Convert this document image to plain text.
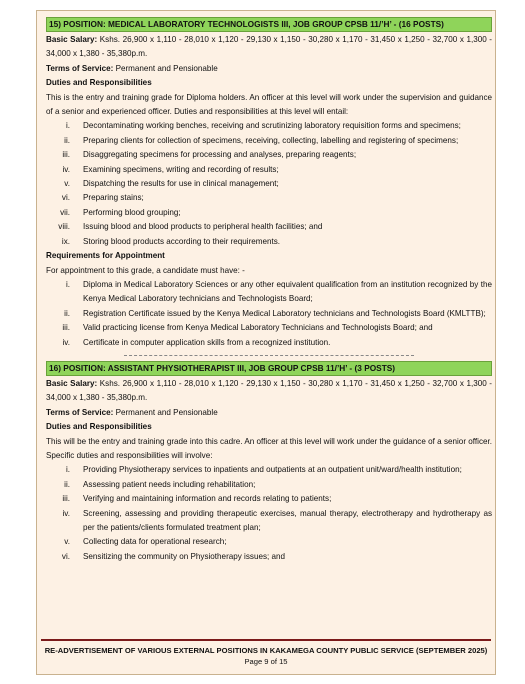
15) POSITION: MEDICAL LABORATORY TECHNOLOGISTS III, JOB GROUP CPSB 11/’H’ - (16 POSTS)

Basic Salary: Kshs. 26,900 x 1,110 - 28,010 x 1,120 - 29,130 x 1,150 - 30,280 x 1,170 - 31,450 x 1,250 - 32,700 x 1,300 - 34,000 x 1,380 - 35,380p.m.

Terms of Service: Permanent and Pensionable

Duties and Responsibilities

This is the entry and training grade for Diploma holders. An officer at this level will work under the supervision and guidance of a senior and experienced officer. Duties and responsibilities at this level will entail:

i. Decontaminating working benches, receiving and scrutinizing laboratory requisition forms and specimens;
ii. Preparing clients for collection of specimens, receiving, collecting, labelling and registering of specimens;
iii. Disaggregating specimens for processing and analyses, preparing reagents;
iv. Examining specimens, writing and recording of results;
v. Dispatching the results for use in clinical management;
vi. Preparing stains;
vii. Performing blood grouping;
viii. Issuing blood and blood products to peripheral health facilities; and
ix. Storing blood products according to their requirements.

Requirements for Appointment

For appointment to this grade, a candidate must have: -

i. Diploma in Medical Laboratory Sciences or any other equivalent qualification from an institution recognized by the Kenya Medical Laboratory technicians and Technologists Board;
ii. Registration Certificate issued by the Kenya Medical Laboratory technicians and Technologists Board (KMLTTB);
iii. Valid practicing license from Kenya Medical Laboratory Technicians and Technologists Board; and
iv. Certificate in computer application skills from a recognized institution.
16) POSITION: ASSISTANT PHYSIOTHERAPIST III, JOB GROUP CPSB 11/’H’ - (3 POSTS)

Basic Salary: Kshs. 26,900 x 1,110 - 28,010 x 1,120 - 29,130 x 1,150 - 30,280 x 1,170 - 31,450 x 1,250 - 32,700 x 1,300 - 34,000 x 1,380 - 35,380p.m.

Terms of Service: Permanent and Pensionable

Duties and Responsibilities

This will be the entry and training grade into this cadre. An officer at this level will work under the guidance of a senior officer. Specific duties and responsibilities will involve:

i. Providing Physiotherapy services to inpatients and outpatients at an outpatient unit/ward/health institution;
ii. Assessing patient needs including rehabilitation;
iii. Verifying and maintaining information and records relating to patients;
iv. Screening, assessing and providing therapeutic exercises, manual therapy, electrotherapy and hydrotherapy as per the patients/clients formulated treatment plan;
v. Collecting data for operational research;
vi. Sensitizing the community on Physiotherapy issues; and
RE-ADVERTISEMENT OF VARIOUS EXTERNAL POSITIONS IN KAKAMEGA COUNTY PUBLIC SERVICE (SEPTEMBER 2025)
Page 9 of 15
